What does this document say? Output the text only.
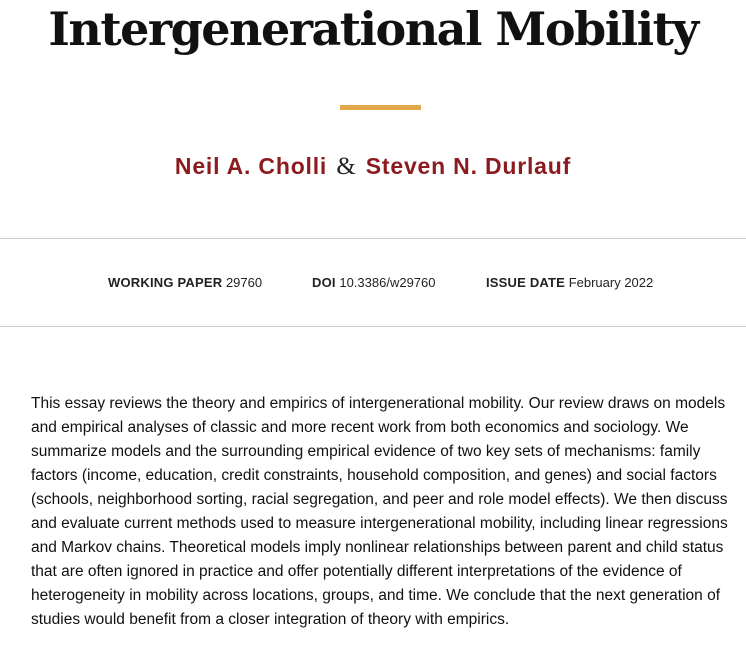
Intergenerational Mobility
Neil A. Cholli & Steven N. Durlauf
WORKING PAPER 29760	DOI 10.3386/w29760	ISSUE DATE February 2022

This essay reviews the theory and empirics of intergenerational mobility. Our review draws on models and empirical analyses of classic and more recent work from both economics and sociology. We summarize models and the surrounding empirical evidence of two key sets of mechanisms: family factors (income, education, credit constraints, household composition, and genes) and social factors (schools, neighborhood sorting, racial segregation, and peer and role model effects). We then discuss and evaluate current methods used to measure intergenerational mobility, including linear regressions and Markov chains. Theoretical models imply nonlinear relationships between parent and child status that are often ignored in practice and offer potentially different interpretations of the evidence of heterogeneity in mobility across locations, groups, and time. We conclude that the next generation of studies would benefit from a closer integration of theory with empirics.
